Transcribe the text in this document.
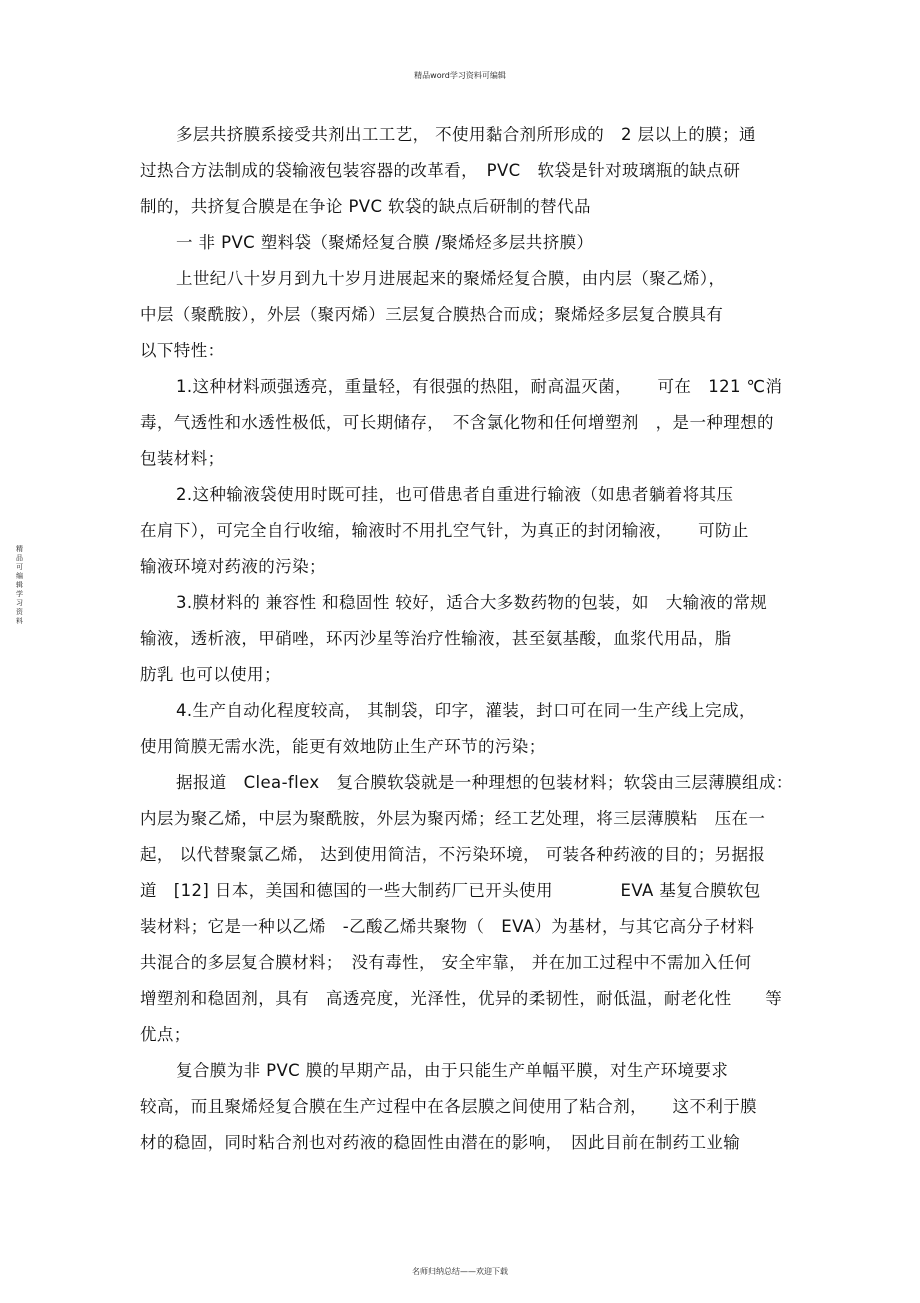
精品word学习资料可编辑
精品可编辑学习资料
多层共挤膜系接受共剂出工工艺， 不使用黏合剂所形成的　2 层以上的膜；通
过热合方法制成的袋输液包装容器的改革看，　PVC　软袋是针对玻璃瓶的缺点研
制的，共挤复合膜是在争论 PVC 软袋的缺点后研制的替代品
一 非 PVC 塑料袋（聚烯烃复合膜 /聚烯烃多层共挤膜）
上世纪八十岁月到九十岁月进展起来的聚烯烃复合膜，由内层（聚乙烯），
中层（聚酰胺），外层（聚丙烯）三层复合膜热合而成；聚烯烃多层复合膜具有
以下特性：
1.这种材料顽强透亮，重量轻，有很强的热阻，耐高温灭菌，　　可在　121 ℃消
毒，气透性和水透性极低，可长期储存，　不含氯化物和任何增塑剂　，是一种理想的
包装材料；
2.这种输液袋使用时既可挂，也可借患者自重进行输液（如患者躺着将其压
在肩下），可完全自行收缩，输液时不用扎空气针，为真正的封闭输液，　　可防止
输液环境对药液的污染；
3.膜材料的 兼容性 和稳固性 较好，适合大多数药物的包装，如　大输液的常规
输液，透析液，甲硝唑，环丙沙星等治疗性输液，甚至氨基酸，血浆代用品，脂
肪乳 也可以使用；
4.生产自动化程度较高， 其制袋，印字，灌装，封口可在同一生产线上完成，
使用简膜无需水洗，能更有效地防止生产环节的污染；
据报道　Clea-flex　复合膜软袋就是一种理想的包装材料；软袋由三层薄膜组成：
内层为聚乙烯，中层为聚酰胺，外层为聚丙烯；经工艺处理，将三层薄膜粘　压在一
起， 以代替聚氯乙烯， 达到使用简洁，不污染环境， 可装各种药液的目的；另据报
道　[12] 日本，美国和德国的一些大制药厂已开头使用　　　　EVA 基复合膜软包
装材料；它是一种以乙烯　-乙酸乙烯共聚物（　EVA）为基材，与其它高分子材料
共混合的多层复合膜材料；　没有毒性， 安全牢靠， 并在加工过程中不需加入任何
增塑剂和稳固剂，具有　高透亮度，光泽性，优异的柔韧性，耐低温，耐老化性　　等
优点；
复合膜为非 PVC 膜的早期产品，由于只能生产单幅平膜，对生产环境要求
较高，而且聚烯烃复合膜在生产过程中在各层膜之间使用了粘合剂，　　这不利于膜
材的稳固，同时粘合剂也对药液的稳固性由潜在的影响，　因此目前在制药工业输
名师归纳总结——欢迎下载
